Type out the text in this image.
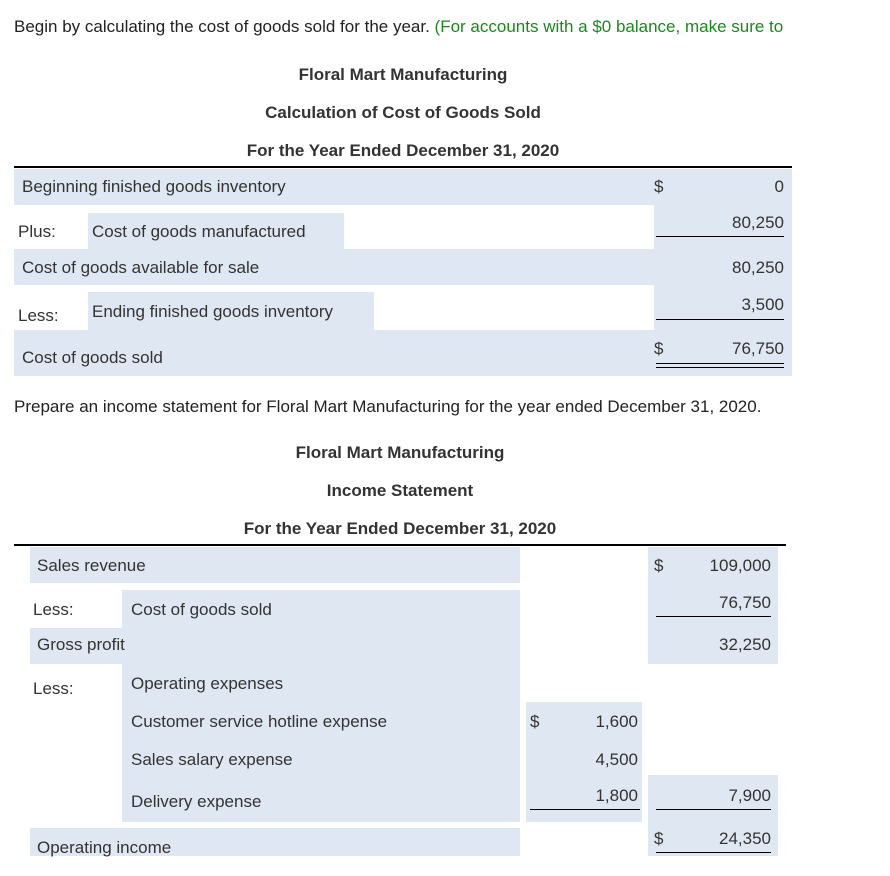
Begin by calculating the cost of goods sold for the year. (For accounts with a $0 balance, make sure to
Floral Mart Manufacturing
Calculation of Cost of Goods Sold
For the Year Ended December 31, 2020
Beginning finished goods inventory	$	0
Plus: Cost of goods manufactured	80,250
Cost of goods available for sale	80,250
Less: Ending finished goods inventory	3,500
Cost of goods sold	$	76,750
Prepare an income statement for Floral Mart Manufacturing for the year ended December 31, 2020.
Floral Mart Manufacturing
Income Statement
For the Year Ended December 31, 2020
Sales revenue	$	109,000
Less:	Cost of goods sold	76,750
Gross profit	32,250
Less:	Operating expenses
Customer service hotline expense	$	1,600
Sales salary expense	4,500
Delivery expense	1,800	7,900
Operating income	$	24,350
